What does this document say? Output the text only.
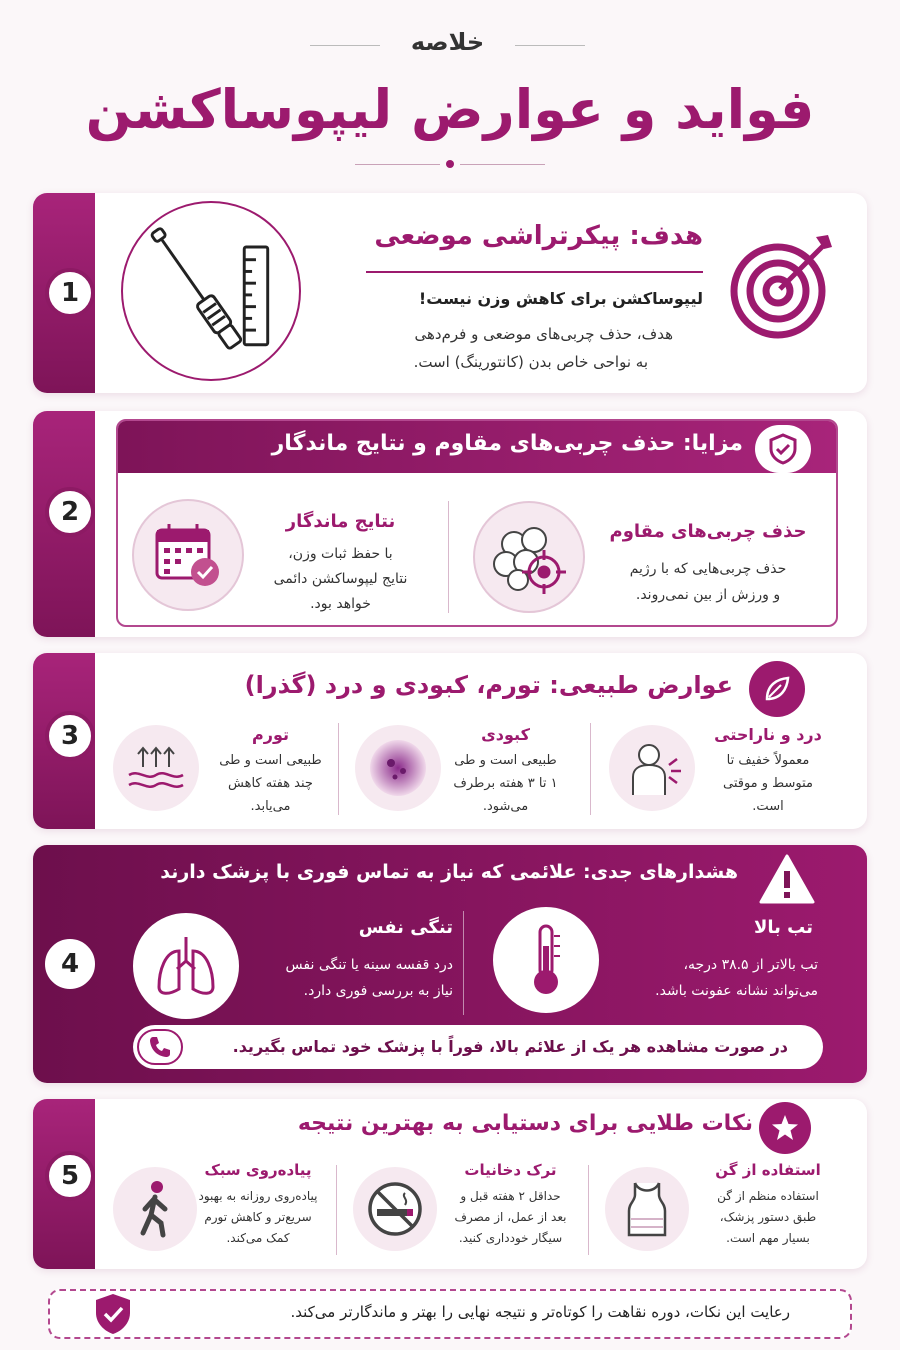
خلاصه
فواید و عوارض لیپوساکشن
1
هدف: پیکرتراشی موضعی
لیپوساکشن برای کاهش وزن نیست!
هدف، حذف چربی‌های موضعی و فرم‌دهی
به نواحی خاص بدن (کانتورینگ) است.
2
مزایا: حذف چربی‌های مقاوم و نتایج ماندگار
حذف چربی‌های مقاوم
حذف چربی‌هایی که با رژیم
و ورزش از بین نمی‌روند.
نتایج ماندگار
با حفظ ثبات وزن،
نتایج لیپوساکشن دائمی
خواهد بود.
3
عوارض طبیعی: تورم، کبودی و درد (گذرا)
درد و ناراحتی
معمولاً خفیف تا
متوسط و موقتی
است.
کبودی
طبیعی است و طی
۱ تا ۳ هفته برطرف
می‌شود.
تورم
طبیعی است و طی
چند هفته کاهش
می‌یابد.
4
هشدارهای جدی: علائمی که نیاز به تماس فوری با پزشک دارند
تب بالا
تب بالاتر از ۳۸.۵ درجه،
می‌تواند نشانه عفونت باشد.
تنگی نفس
درد قفسه سینه یا تنگی نفس
نیاز به بررسی فوری دارد.
در صورت مشاهده هر یک از علائم بالا، فوراً با پزشک خود تماس بگیرید.
5
نکات طلایی برای دستیابی به بهترین نتیجه
استفاده از گن
استفاده منظم از گن
طبق دستور پزشک،
بسیار مهم است.
ترک دخانیات
حداقل ۲ هفته قبل و
بعد از عمل، از مصرف
سیگار خودداری کنید.
پیاده‌روی سبک
پیاده‌روی روزانه به بهبود
سریع‌تر و کاهش تورم
کمک می‌کند.
رعایت این نکات، دوره نقاهت را کوتاه‌تر و نتیجه نهایی را بهتر و ماندگارتر می‌کند.
